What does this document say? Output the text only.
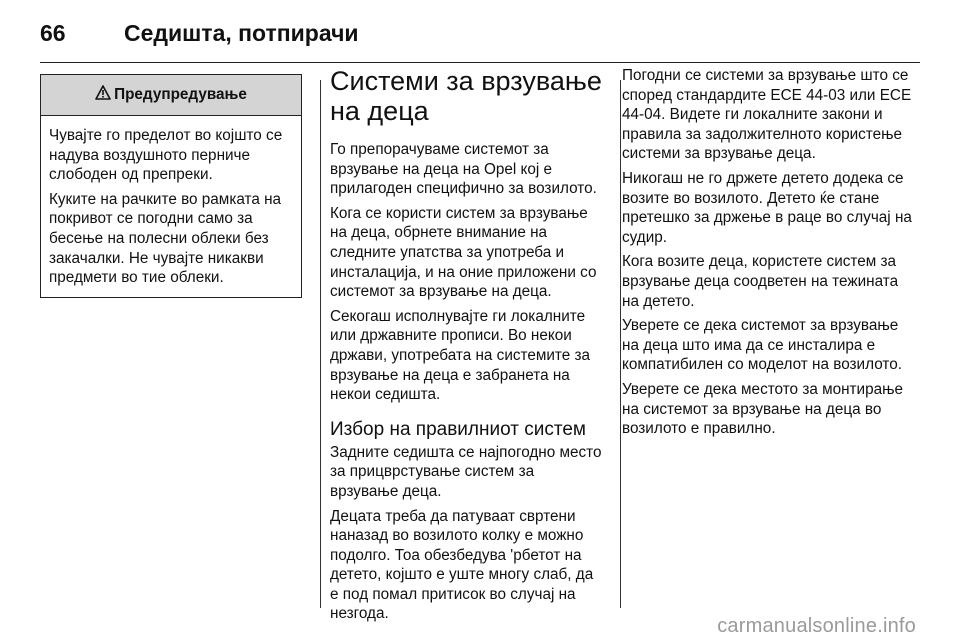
66	Седишта, потпирачи
Предупредување

Чувајте го пределот во којшто се надува воздушното перниче слободен од препреки.

Куките на рачките во рамката на покривот се погодни само за бесење на полесни облеки без закачалки. Не чувајте никакви предмети во тие облеки.

Системи за врзување на деца

Го препорачуваме системот за врзување на деца на Opel кој е прилагоден специфично за возилото.

Кога се користи систем за врзување на деца, обрнете внимание на следните упатства за употреба и инсталација, и на оние приложени со системот за врзување на деца.

Секогаш исполнувајте ги локалните или државните прописи. Во некои држави, употребата на системите за врзување на деца е забранета на некои седишта.

Избор на правилниот систем

Задните седишта се најпогодно место за прицврстување систем за врзување деца.

Децата треба да патуваат свртени наназад во возилото колку е можно подолго. Тоа обезбедува 'рбетот на детето, којшто е уште многу слаб, да е под помал притисок во случај на незгода.

Погодни се системи за врзување што се според стандардите ECE 44-03 или ECE 44-04. Видете ги локалните закони и правила за задолжителното користење системи за врзување деца.

Никогаш не го држете детето додека се возите во возилото. Детето ќе стане претешко за држење в раце во случај на судир.

Кога возите деца, користете систем за врзување деца соодветен на тежината на детето.

Уверете се дека системот за врзување на деца што има да се инсталира е компатибилен со моделот на возилото.

Уверете се дека местото за монтирање на системот за врзување на деца во возилото е правилно.

carmanualsonline.info
